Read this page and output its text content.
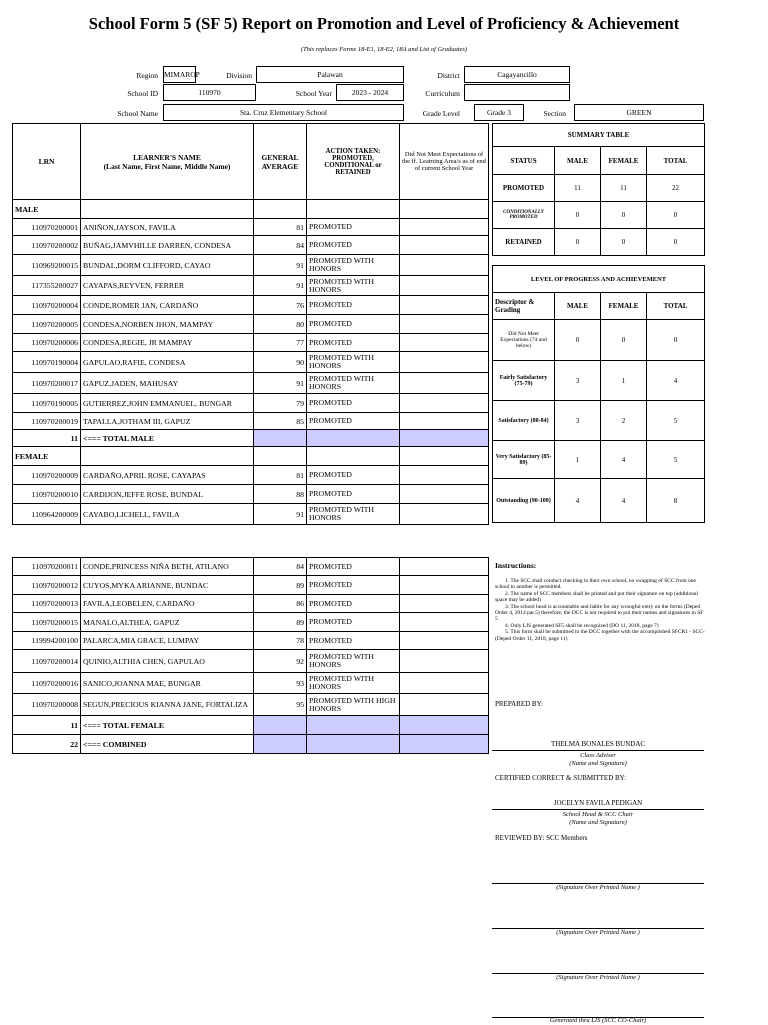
School Form 5 (SF 5) Report on Promotion and Level of Proficiency & Achievement
(This replaces Forms 18-E1, 18-E2, 18A and List of Graduates)
Region MIMAROP	Division	Palawan	District	Cagayancillo
School ID	110970	School Year	2023 - 2024	Curriculum
School Name	Sta. Cruz Elementary School	Grade Level	Grade 3	Section	GREEN
LRN	LEARNER'S NAME
(Last Name, First Name, Middle Name)	GENERAL AVERAGE	ACTION TAKEN: PROMOTED, CONDITIONAL or RETAINED	Did Not Meet Expectations of the ff. Learning Area/s as of end of current School Year
MALE				
110970200001	ANIÑON,JAYSON, FAVILA	81	PROMOTED	
110970200002	BUÑAG,JAMVHILLE DARREN, CONDESA	84	PROMOTED	
110969200015	BUNDAL,DORM CLIFFORD, CAYAO	91	PROMOTED WITH HONORS	
117355200027	CAYAPAS,REYVEN, FERRER	91	PROMOTED WITH HONORS	
110970200004	CONDE,ROMER JAN, CARDAÑO	76	PROMOTED	
110970200005	CONDESA,NORBEN JHON, MAMPAY	80	PROMOTED	
110970200006	CONDESA,REGIE, JR MAMPAY	77	PROMOTED	
110970190004	GAPULAO,RAFIE, CONDESA	90	PROMOTED WITH HONORS	
110970200017	GAPUZ,JADEN, MAHUSAY	91	PROMOTED WITH HONORS	
110970190005	GUTIERREZ,JOHN EMMANUEL, BUNGAR	79	PROMOTED	
110970200019	TAPALLA,JOTHAM III, GAPUZ	85	PROMOTED	
11	<=== TOTAL MALE			
FEMALE				
110970200009	CARDAÑO,APRIL ROSE, CAYAPAS	81	PROMOTED	
110970200010	CARDIJON,JEFFE ROSE, BUNDAL	88	PROMOTED	
110964200009	CAYABO,LICHELL, FAVILA	91	PROMOTED WITH HONORS	
110970200011	CONDE,PRINCESS NIÑA BETH, ATILANO	84	PROMOTED	
110970200012	CUYOS,MYKA ARIANNE, BUNDAC	89	PROMOTED	
110970200013	FAVILA,LEOBELEN, CARDAÑO	86	PROMOTED	
110970200015	MANALO,ALTHEA, GAPUZ	89	PROMOTED	
119994200100	PALARCA,MIA GRACE, LUMPAY	78	PROMOTED	
110970200014	QUINIO,ALTHIA CHEN, GAPULAO	92	PROMOTED WITH HONORS	
110970200016	SANICO,JOANNA MAE, BUNGAR	93	PROMOTED WITH HONORS	
110970200008	SEGUN,PRECIOUS KIANNA JANE, FORTALIZA	95	PROMOTED WITH HIGH HONORS	
11	<=== TOTAL FEMALE			
22	<=== COMBINED			
SUMMARY TABLE			
STATUS	MALE	FEMALE	TOTAL
PROMOTED	11	11	22
CONDITIONALLY PROMOTED	0	0	0
RETAINED	0	0	0
LEVEL OF PROGRESS AND ACHIEVEMENT			
Descriptor & Grading	MALE	FEMALE	TOTAL
Did Not Meet Expectations (74 and below)	0	0	0
Fairly Satisfactory (75-79)	3	1	4
Satisfactory (80-84)	3	2	5
Very Satisfactory (85-89)	1	4	5
Outstanding (90-100)	4	4	8
Instructions:
1. The SCC shall conduct checking in their own school, no swapping of SCC from one school to another is permitted.
2. The name of SCC members shall be printed and put their signature on top (additional space may be added)
3. The school head is accountable and liable for any wrongful entry on the forms (Deped Order 4, 2014 par.5) therefore, the DCC is not required to put their names and signatures in SF 5
4. Only LIS generated SF5 shall be recognized (DO 11, 2018, page 7)
5. This form shall be submitted to the DCC together with the accomplished SFCR1 - SCC- (Deped Order 11, 2018, page 11)
PREPARED BY:
THELMA BONALES BUNDAC
Class Adviser
(Name and Signature)
CERTIFIED CORRECT & SUBMITTED BY:
JOCELYN FAVILA PEDIGAN
School Head & SCC Chair
(Name and Signature)
REVIEWED BY: SCC Members
(Signature Over Printed Name )
(Signature Over Printed Name )
(Signature Over Printed Name )
Generated thru LIS (SCC CO-Chair)
